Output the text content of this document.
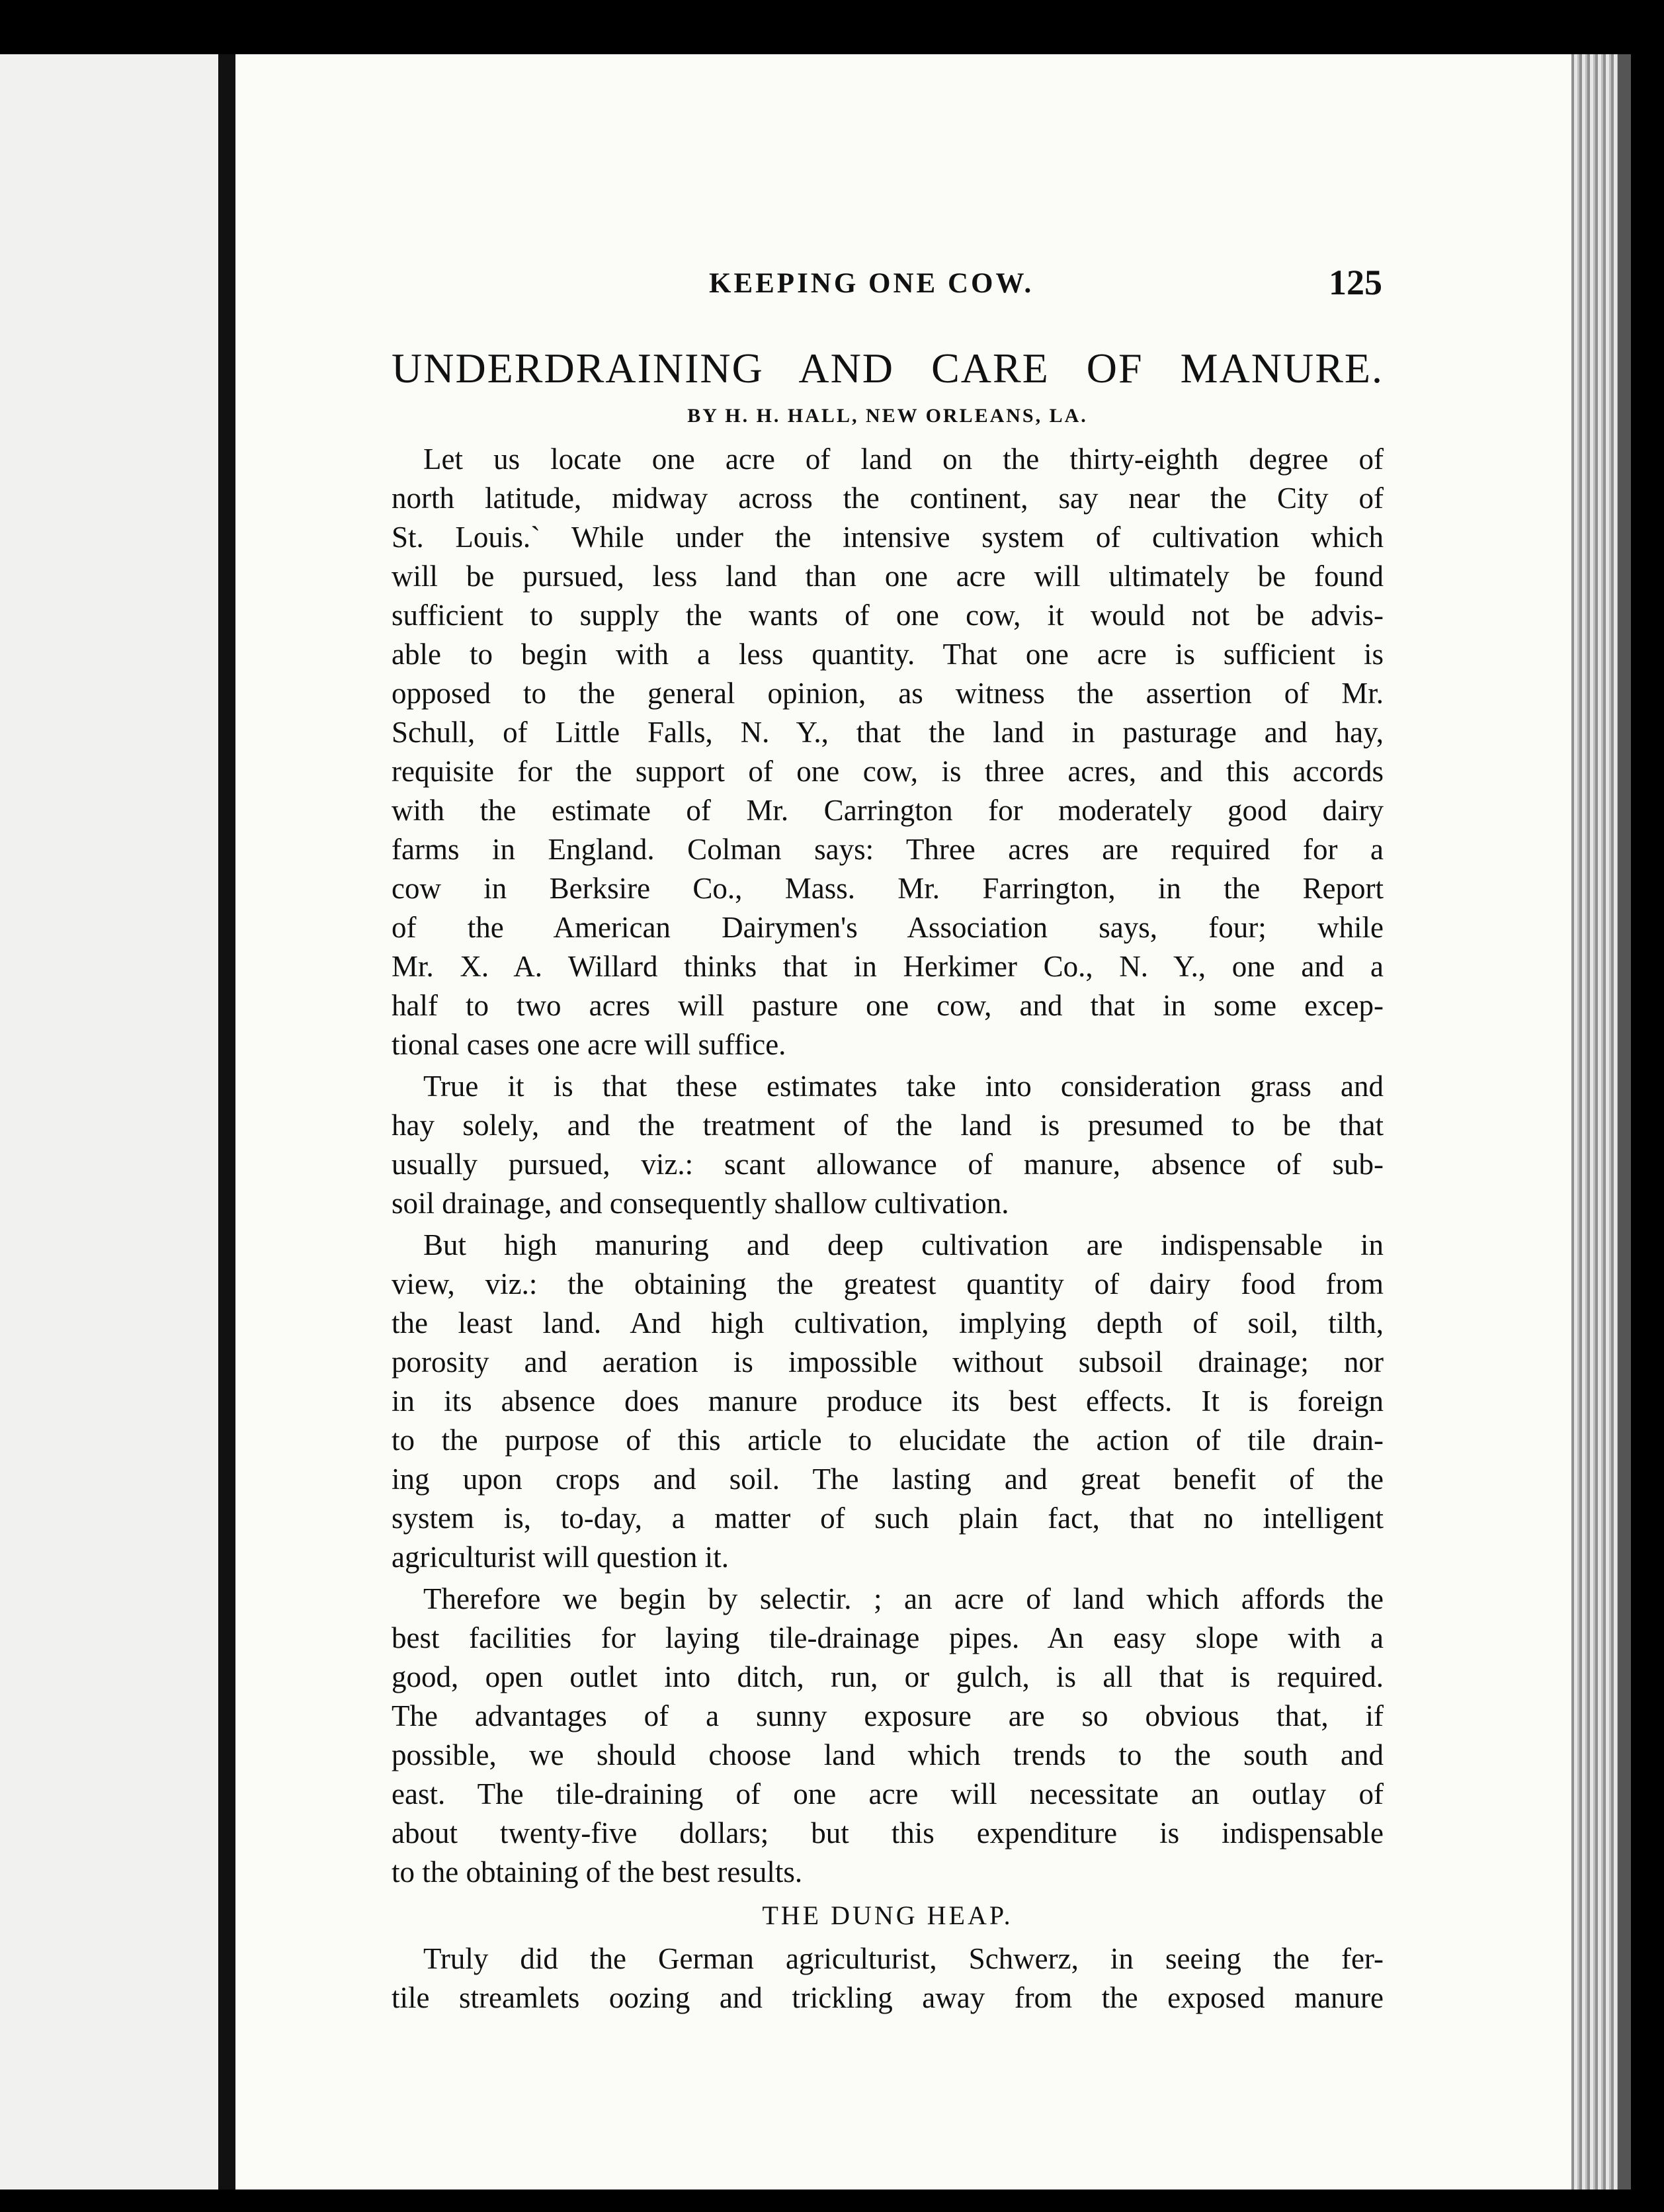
KEEPING ONE COW.	125
UNDERDRAINING AND CARE OF MANURE.
BY H. H. HALL, NEW ORLEANS, LA.
Let us locate one acre of land on the thirty-eighth degree of
north latitude, midway across the continent, say near the City of
St. Louis.` While under the intensive system of cultivation which
will be pursued, less land than one acre will ultimately be found
sufficient to supply the wants of one cow, it would not be advis-
able to begin with a less quantity. That one acre is sufficient is
opposed to the general opinion, as witness the assertion of Mr.
Schull, of Little Falls, N. Y., that the land in pasturage and hay,
requisite for the support of one cow, is three acres, and this accords
with the estimate of Mr. Carrington for moderately good dairy
farms in England. Colman says: Three acres are required for a
cow in Berksire Co., Mass. Mr. Farrington, in the Report
of the American Dairymen's Association says, four; while
Mr. X. A. Willard thinks that in Herkimer Co., N. Y., one and a
half to two acres will pasture one cow, and that in some excep-
tional cases one acre will suffice.
True it is that these estimates take into consideration grass and
hay solely, and the treatment of the land is presumed to be that
usually pursued, viz.: scant allowance of manure, absence of sub-
soil drainage, and consequently shallow cultivation.
But high manuring and deep cultivation are indispensable in
view, viz.: the obtaining the greatest quantity of dairy food from
the least land. And high cultivation, implying depth of soil, tilth,
porosity and aeration is impossible without subsoil drainage; nor
in its absence does manure produce its best effects. It is foreign
to the purpose of this article to elucidate the action of tile drain-
ing upon crops and soil. The lasting and great benefit of the
system is, to-day, a matter of such plain fact, that no intelligent
agriculturist will question it.
Therefore we begin by selectir. ; an acre of land which affords the
best facilities for laying tile-drainage pipes. An easy slope with a
good, open outlet into ditch, run, or gulch, is all that is required.
The advantages of a sunny exposure are so obvious that, if
possible, we should choose land which trends to the south and
east. The tile-draining of one acre will necessitate an outlay of
about twenty-five dollars; but this expenditure is indispensable
to the obtaining of the best results.
THE DUNG HEAP.
Truly did the German agriculturist, Schwerz, in seeing the fer-
tile streamlets oozing and trickling away from the exposed manure
